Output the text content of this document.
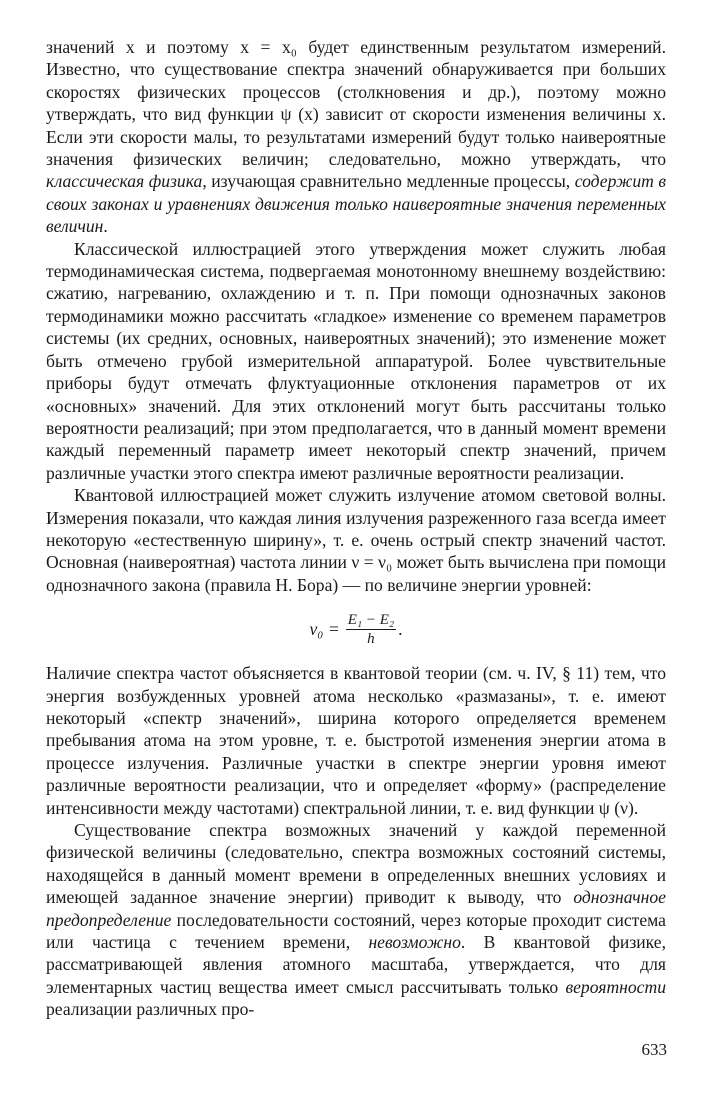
значений x и поэтому x = x₀ будет единственным результатом измерений. Известно, что существование спектра значений обнаруживается при больших скоростях физических процессов (столкновения и др.), поэтому можно утверждать, что вид функции ψ (x) зависит от скорости изменения величины x. Если эти скорости малы, то результатами измерений будут только наивероятные значения физических величин; следовательно, можно утверждать, что классическая физика, изучающая сравнительно медленные процессы, содержит в своих законах и уравнениях движения только наивероятные значения переменных величин.

Классической иллюстрацией этого утверждения может служить любая термодинамическая система, подвергаемая монотонному внешнему воздействию: сжатию, нагреванию, охлаждению и т. п. При помощи однозначных законов термодинамики можно рассчитать «гладкое» изменение со временем параметров системы (их средних, основных, наивероятных значений); это изменение может быть отмечено грубой измерительной аппаратурой. Более чувствительные приборы будут отмечать флуктуационные отклонения параметров от их «основных» значений. Для этих отклонений могут быть рассчитаны только вероятности реализаций; при этом предполагается, что в данный момент времени каждый переменный параметр имеет некоторый спектр значений, причем различные участки этого спектра имеют различные вероятности реализации.

Квантовой иллюстрацией может служить излучение атомом световой волны. Измерения показали, что каждая линия излучения разреженного газа всегда имеет некоторую «естественную ширину», т. е. очень острый спектр значений частот. Основная (наивероятная) частота линии ν = ν₀ может быть вычислена при помощи однозначного закона (правила Н. Бора) — по величине энергии уровней:

$\nu_0 = \frac{\text{E₁ − E₂}}{h}$ .

Наличие спектра частот объясняется в квантовой теории (см. ч. IV, § 11) тем, что энергия возбужденных уровней атома несколько «размазаны», т. е. имеют некоторый «спектр значений», ширина которого определяется временем пребывания атома на этом уровне, т. е. быстротой изменения энергии атома в процессе излучения. Различные участки в спектре энергии уровня имеют различные вероятности реализации, что и определяет «форму» (распределение интенсивности между частотами) спектральной линии, т. е. вид функции ψ (ν).

Существование спектра возможных значений у каждой переменной физической величины (следовательно, спектра возможных состояний системы, находящейся в данный момент времени в определенных внешних условиях и имеющей заданное значение энергии) приводит к выводу, что однозначное предопределение последовательности состояний, через которые проходит система или частица с течением времени, невозможно. В квантовой физике, рассматривающей явления атомного масштаба, утверждается, что для элементарных частиц вещества имеет смысл рассчитывать только вероятности реализации различных про-

633
